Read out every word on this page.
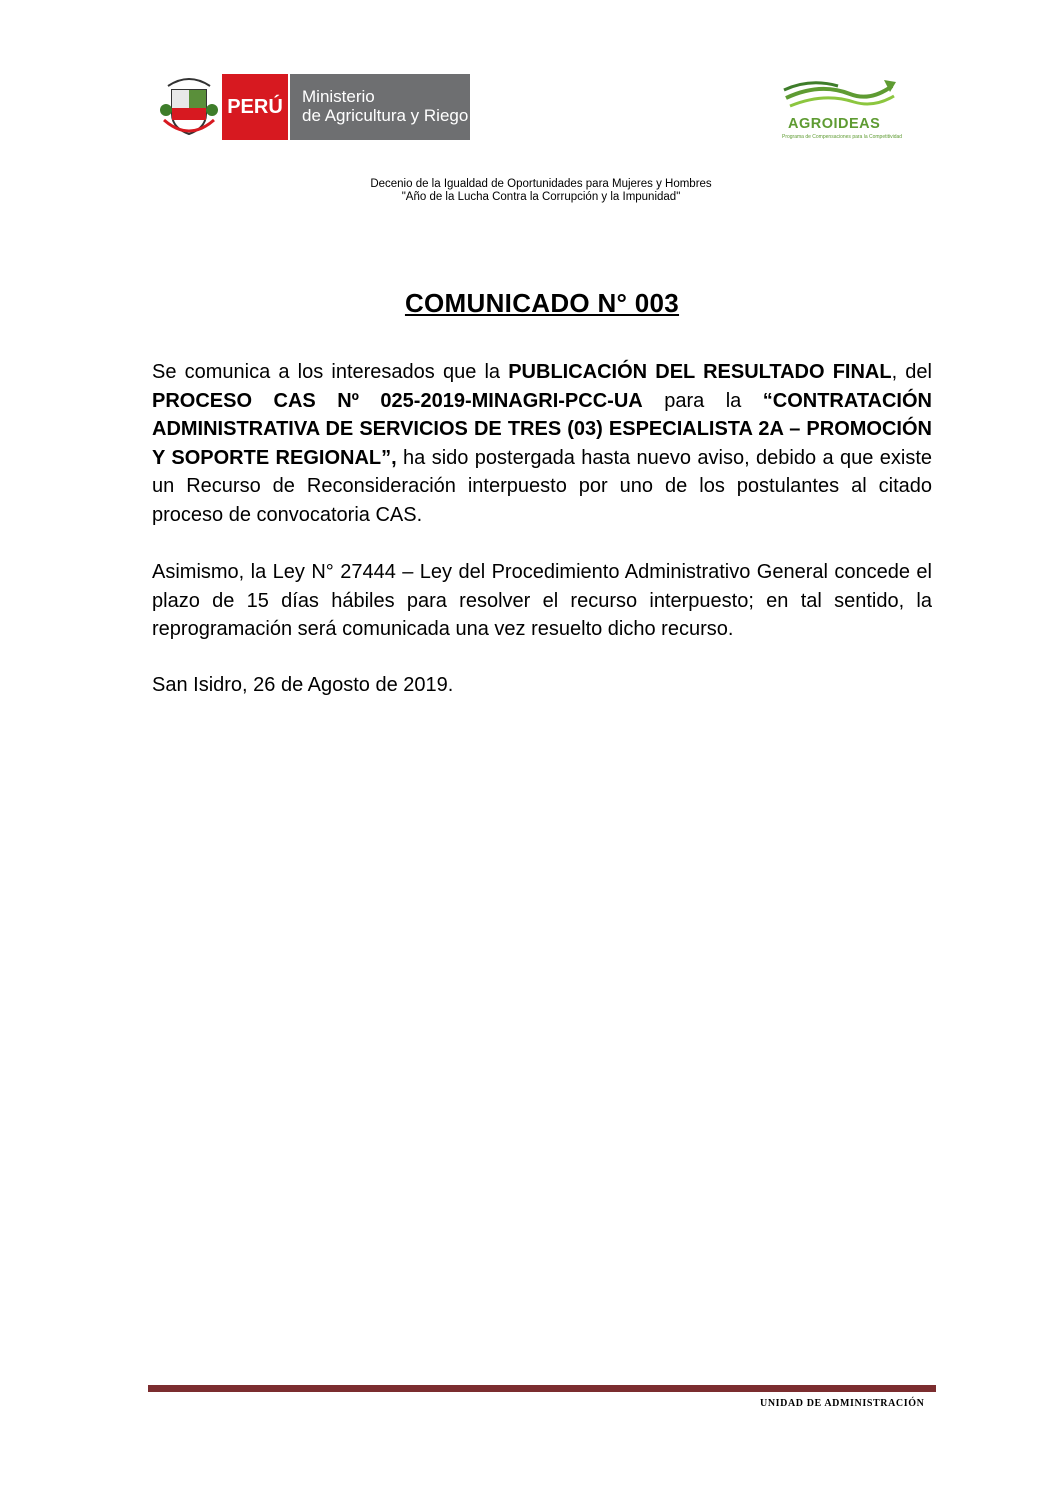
PERÚ Ministerio
de Agricultura y Riego	AGROIDEAS
Programa de Compensaciones para la Competitividad
Decenio de la Igualdad de Oportunidades para Mujeres y Hombres
"Año de la Lucha Contra la Corrupción y la Impunidad"
COMUNICADO N° 003
Se comunica a los interesados que la PUBLICACIÓN DEL RESULTADO FINAL, del PROCESO CAS Nº 025-2019-MINAGRI-PCC-UA para la “CONTRATACIÓN ADMINISTRATIVA DE SERVICIOS DE TRES (03) ESPECIALISTA 2A – PROMOCIÓN Y SOPORTE REGIONAL”, ha sido postergada hasta nuevo aviso, debido a que existe un Recurso de Reconsideración interpuesto por uno de los postulantes al citado proceso de convocatoria CAS.
Asimismo, la Ley N° 27444 – Ley del Procedimiento Administrativo General concede el plazo de 15 días hábiles para resolver el recurso interpuesto; en tal sentido, la reprogramación será comunicada una vez resuelto dicho recurso.
San Isidro, 26 de Agosto de 2019.
UNIDAD DE ADMINISTRACIÓN
